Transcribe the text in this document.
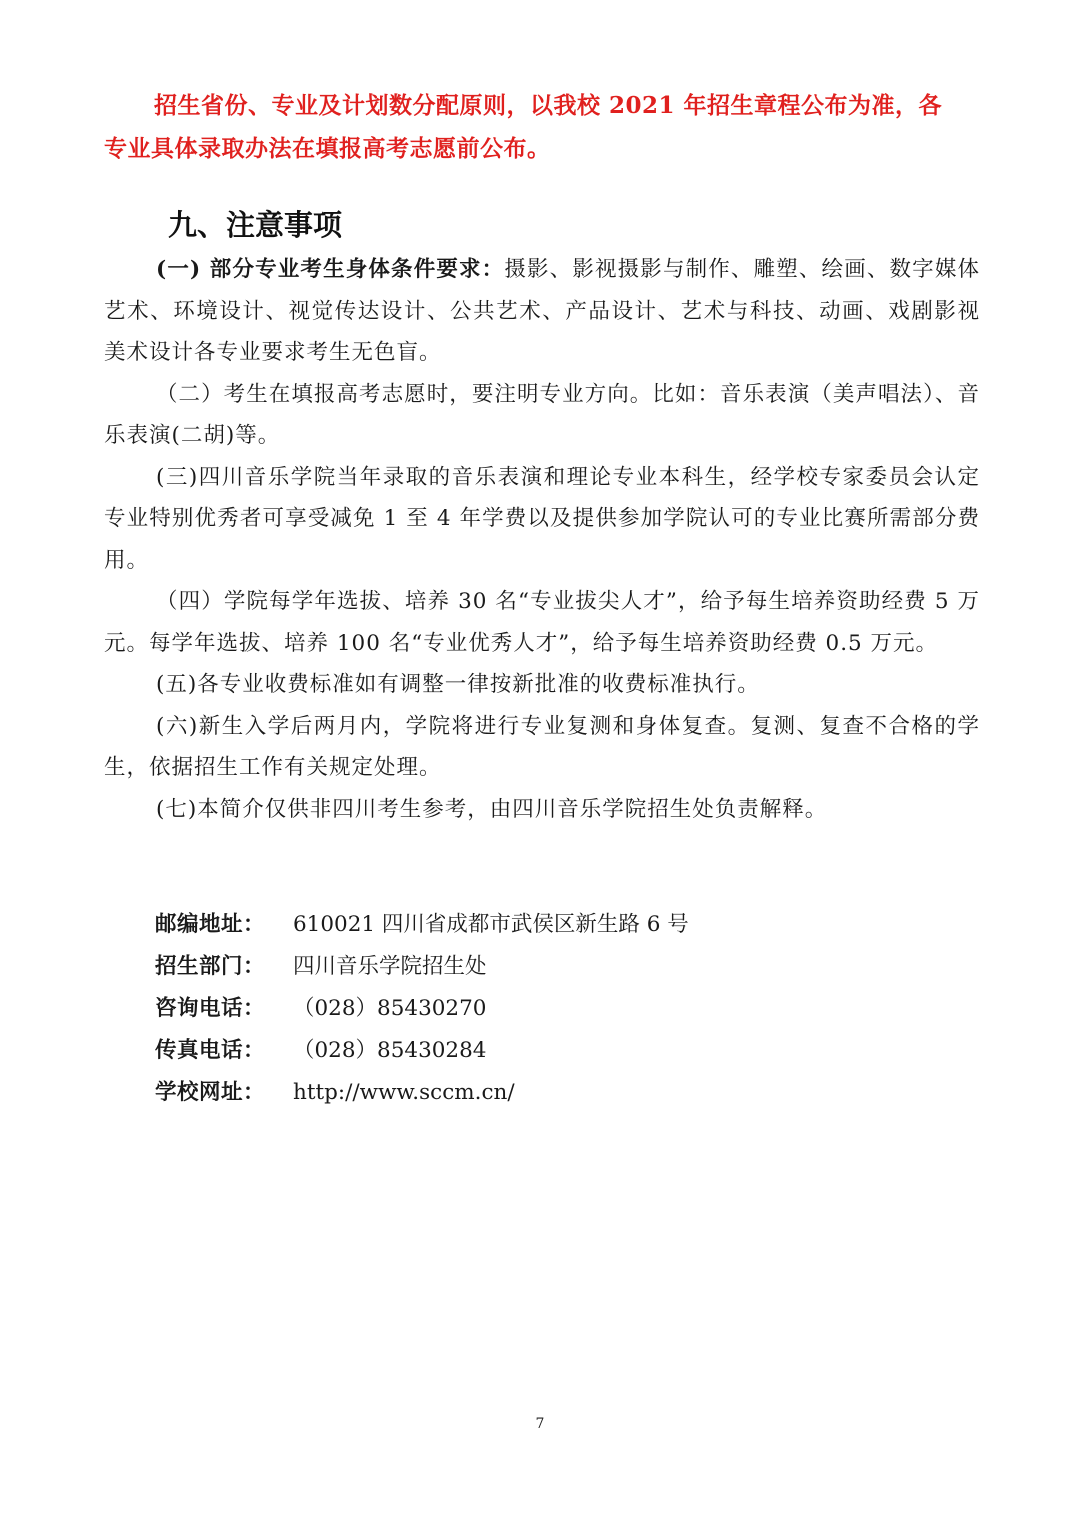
招生省份、专业及计划数分配原则，以我校 2021 年招生章程公布为准，各
专业具体录取办法在填报高考志愿前公布。
九、注意事项

(一) 部分专业考生身体条件要求：摄影、影视摄影与制作、雕塑、绘画、数字媒体艺术、环境设计、视觉传达设计、公共艺术、产品设计、艺术与科技、动画、戏剧影视美术设计各专业要求考生无色盲。

（二）考生在填报高考志愿时，要注明专业方向。比如：音乐表演（美声唱法）、音乐表演(二胡)等。

(三)四川音乐学院当年录取的音乐表演和理论专业本科生，经学校专家委员会认定专业特别优秀者可享受减免 1 至 4 年学费以及提供参加学院认可的专业比赛所需部分费用。

（四）学院每学年选拔、培养 30 名“专业拔尖人才”，给予每生培养资助经费 5 万元。每学年选拔、培养 100 名“专业优秀人才”，给予每生培养资助经费 0.5 万元。

(五)各专业收费标准如有调整一律按新批准的收费标准执行。

(六)新生入学后两月内，学院将进行专业复测和身体复查。复测、复查不合格的学生，依据招生工作有关规定处理。

(七)本简介仅供非四川考生参考，由四川音乐学院招生处负责解释。

邮编地址： 610021 四川省成都市武侯区新生路 6 号
招生部门： 四川音乐学院招生处
咨询电话： （028）85430270
传真电话： （028）85430284
学校网址： http://www.sccm.cn/
7
